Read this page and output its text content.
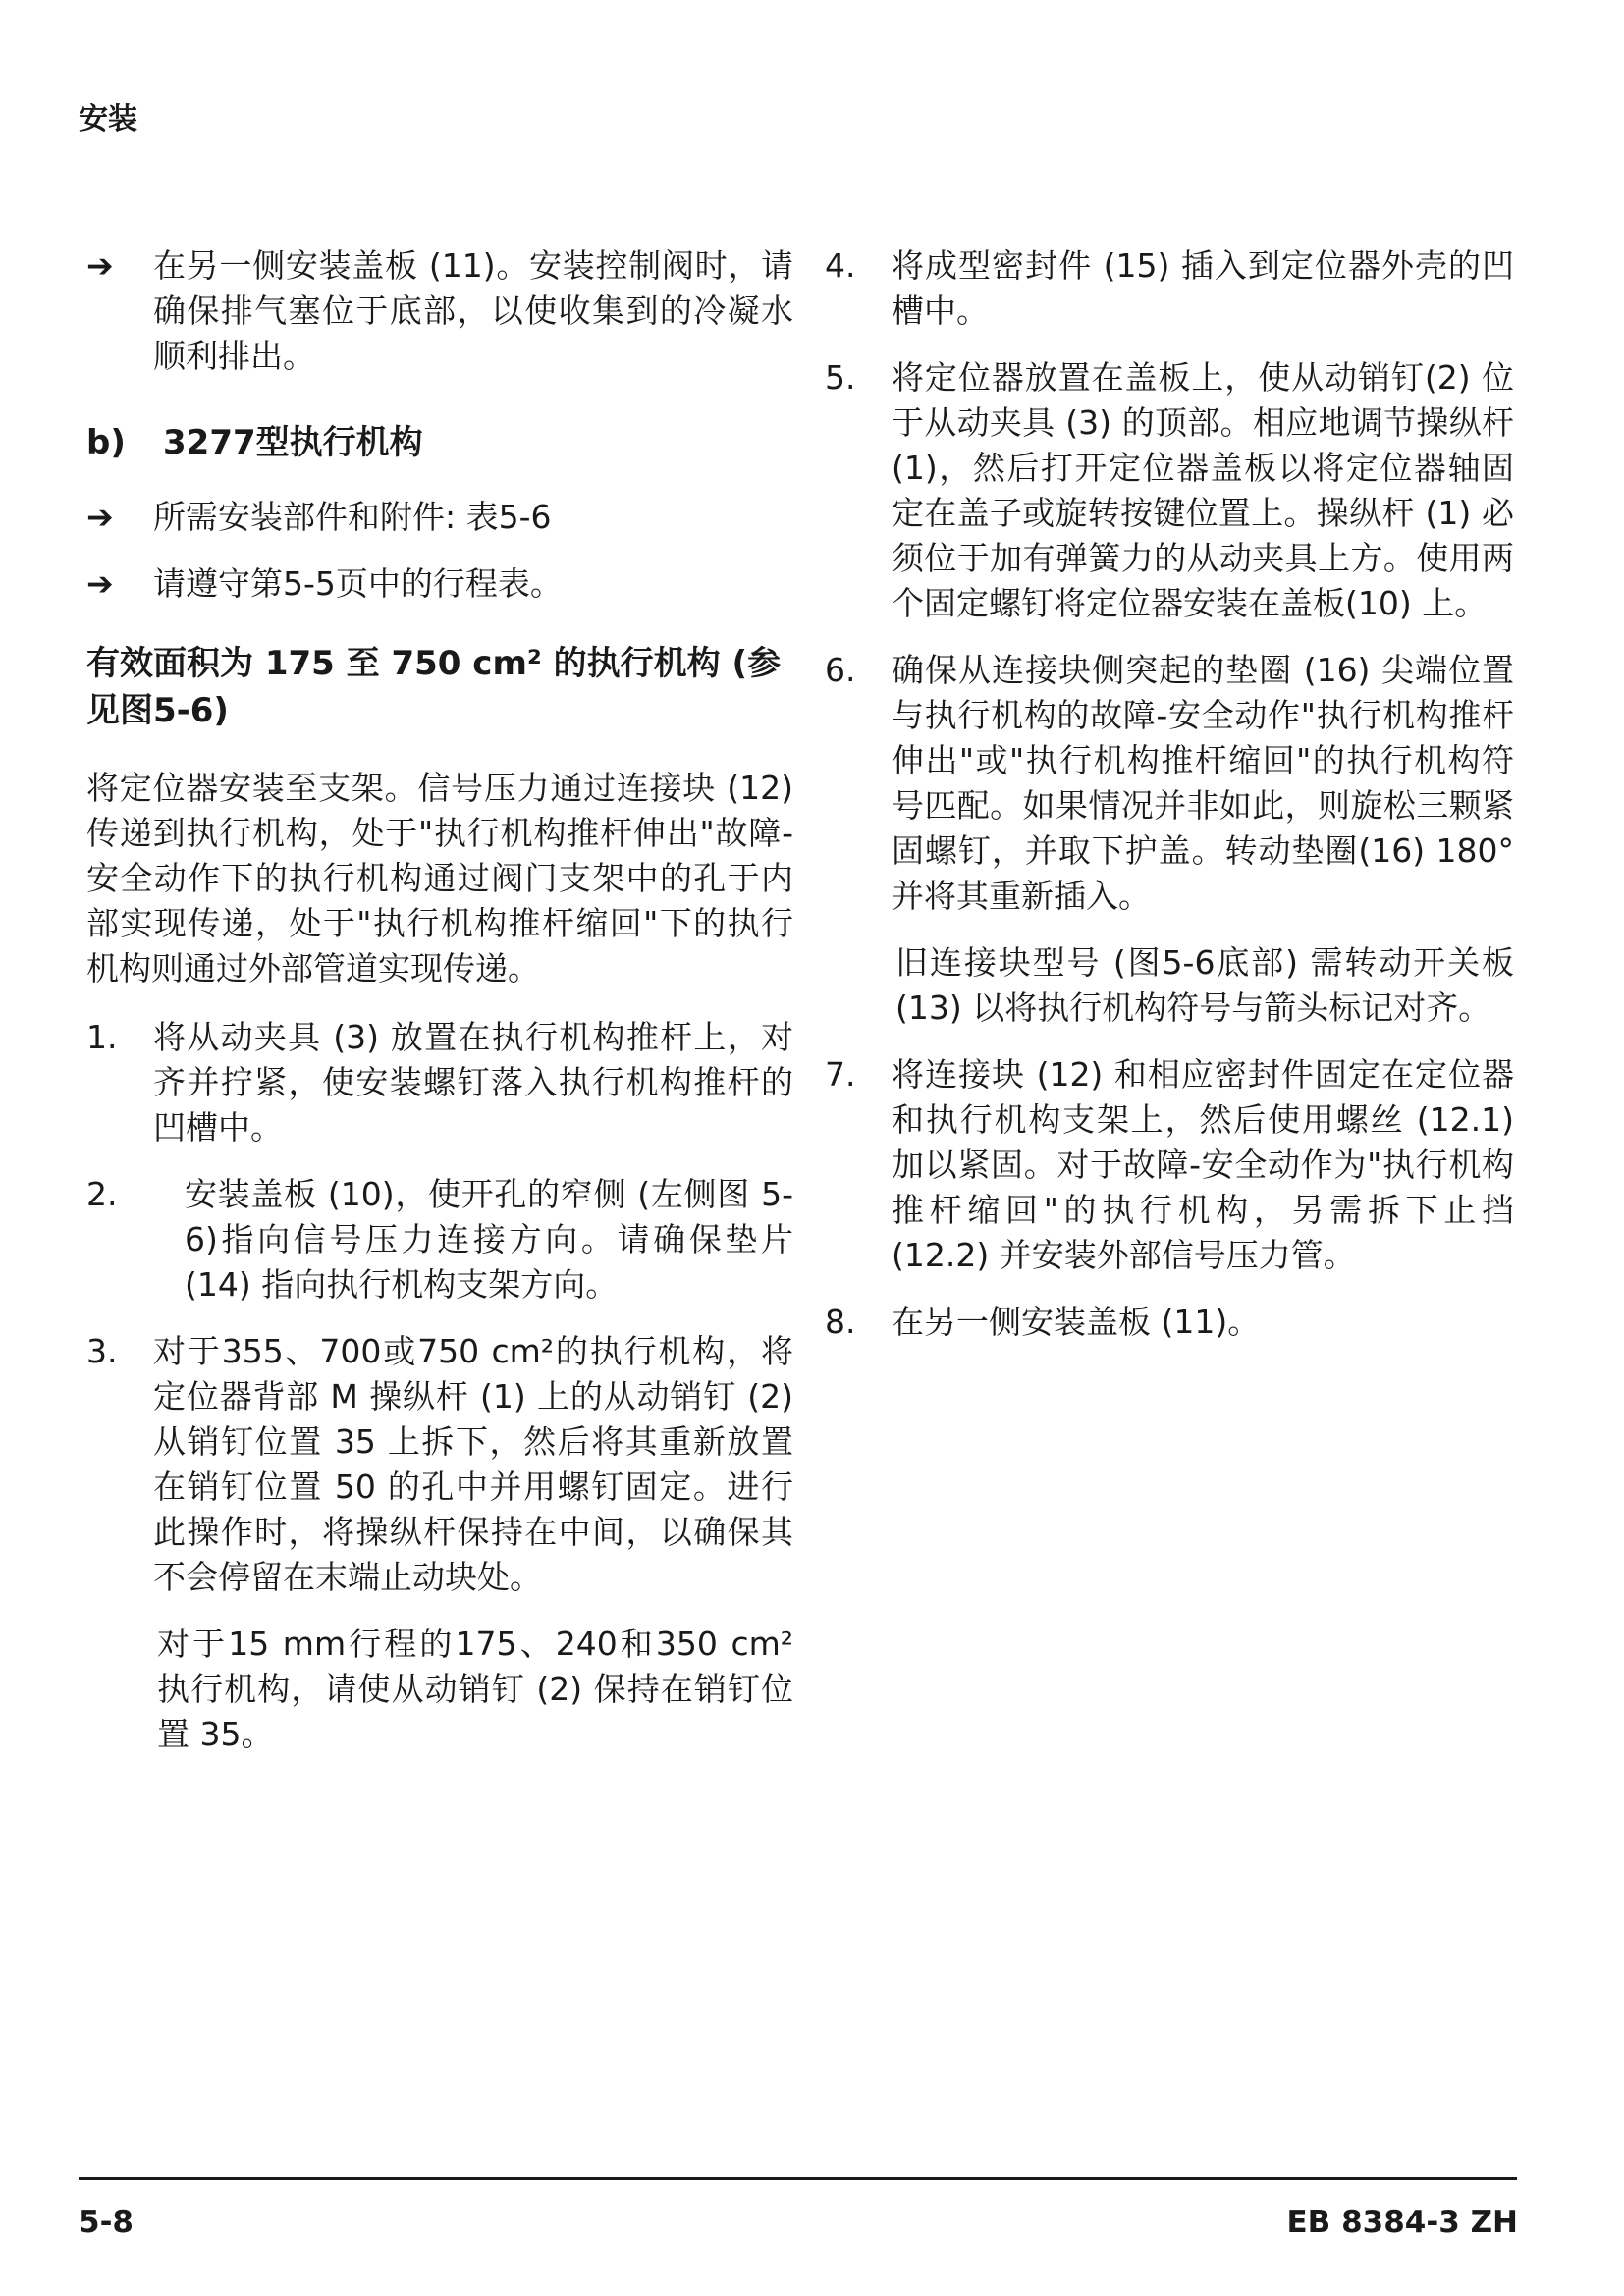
安装
➔	在另一侧安装盖板 (11)。安装控制阀时，请确保排气塞位于底部，以使收集到的冷凝水顺利排出。
b) 3277型执行机构
➔	所需安装部件和附件: 表5-6
➔	请遵守第5-5页中的行程表。
有效面积为 175 至 750 cm² 的执行机构 (参见图5-6)
将定位器安装至支架。信号压力通过连接块 (12) 传递到执行机构，处于"执行机构推杆伸出"故障-安全动作下的执行机构通过阀门支架中的孔于内部实现传递，处于"执行机构推杆缩回"下的执行机构则通过外部管道实现传递。
1. 将从动夹具 (3) 放置在执行机构推杆上，对齐并拧紧，使安装螺钉落入执行机构推杆的凹槽中。
2. 安装盖板 (10)，使开孔的窄侧 (左侧图 5-6)指向信号压力连接方向。请确保垫片 (14) 指向执行机构支架方向。
3. 对于355、700或750 cm²的执行机构，将定位器背部 M 操纵杆 (1) 上的从动销钉 (2) 从销钉位置 35 上拆下，然后将其重新放置在销钉位置 50 的孔中并用螺钉固定。进行此操作时，将操纵杆保持在中间，以确保其不会停留在末端止动块处。
对于15 mm行程的175、240和350 cm² 执行机构，请使从动销钉 (2) 保持在销钉位置 35。
4. 将成型密封件 (15) 插入到定位器外壳的凹槽中。
5. 将定位器放置在盖板上，使从动销钉(2) 位于从动夹具 (3) 的顶部。相应地调节操纵杆 (1)，然后打开定位器盖板以将定位器轴固定在盖子或旋转按键位置上。操纵杆 (1) 必须位于加有弹簧力的从动夹具上方。使用两个固定螺钉将定位器安装在盖板(10) 上。
6. 确保从连接块侧突起的垫圈 (16) 尖端位置与执行机构的故障-安全动作"执行机构推杆伸出"或"执行机构推杆缩回"的执行机构符号匹配。如果情况并非如此，则旋松三颗紧固螺钉，并取下护盖。转动垫圈(16) 180°并将其重新插入。
旧连接块型号 (图5-6底部) 需转动开关板 (13) 以将执行机构符号与箭头标记对齐。
7. 将连接块 (12) 和相应密封件固定在定位器和执行机构支架上，然后使用螺丝 (12.1) 加以紧固。对于故障-安全动作为"执行机构推杆缩回"的执行机构，另需拆下止挡 (12.2) 并安装外部信号压力管。
8. 在另一侧安装盖板 (11)。
5-8	EB 8384-3 ZH
